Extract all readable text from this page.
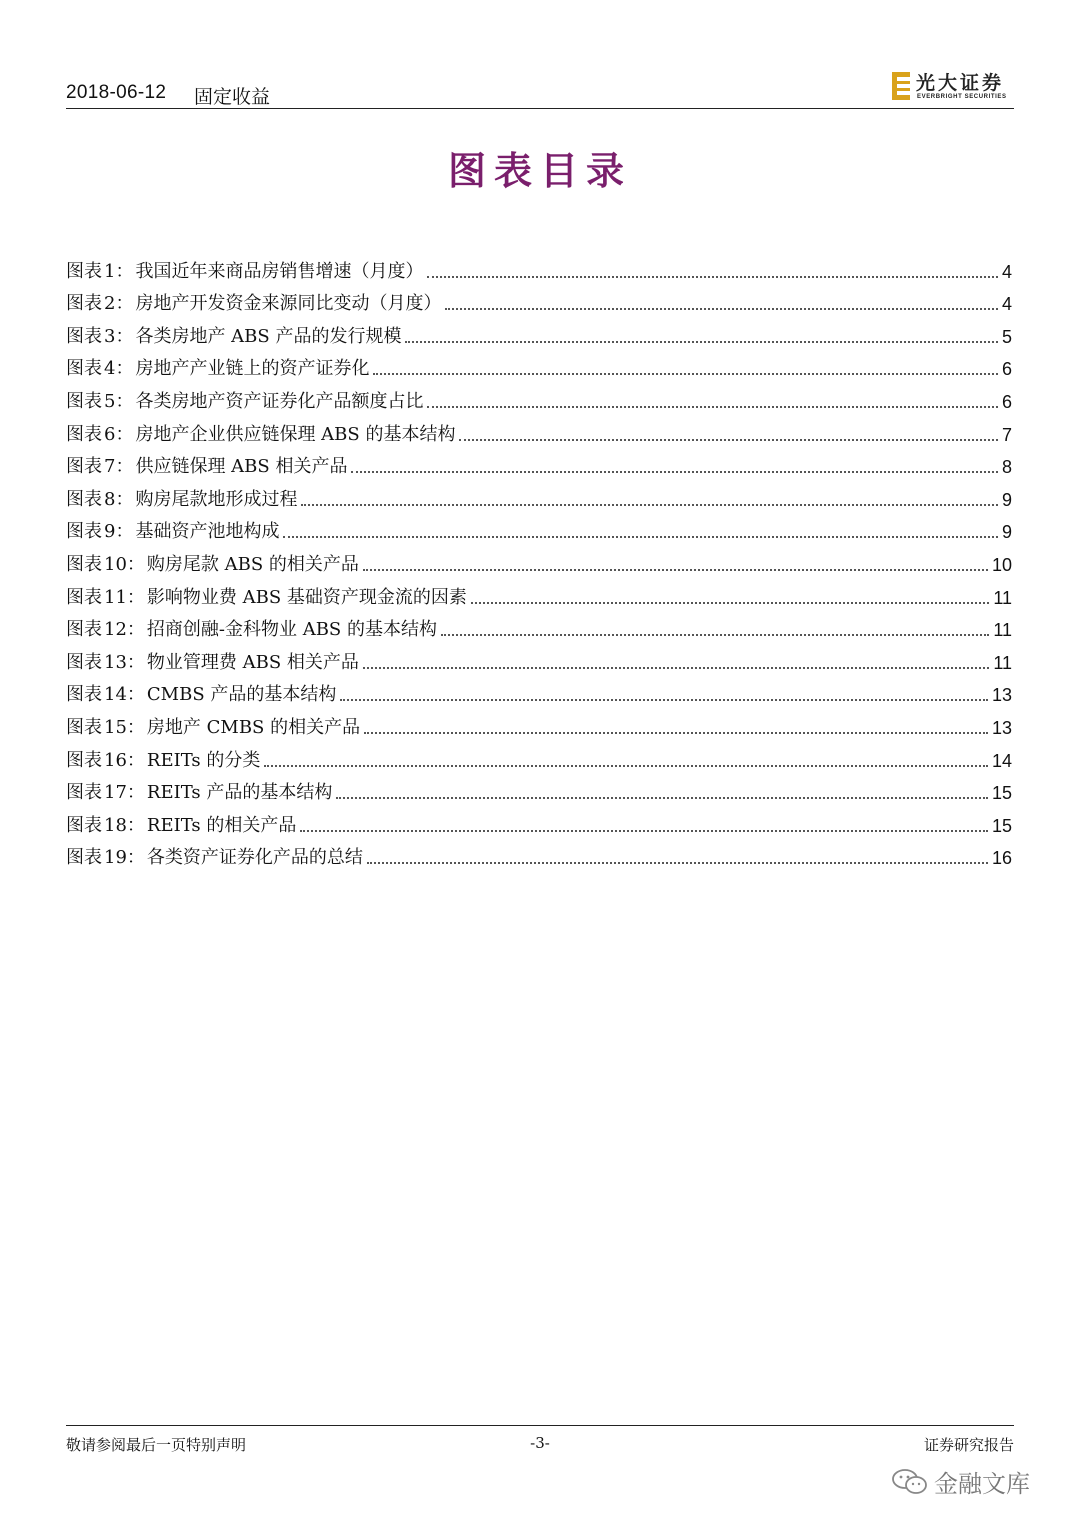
2018-06-12 固定收益
光大证券
EVERBRIGHT SECURITIES
图表目录
图表 1： 我国近年来商品房销售增速（月度）	4
图表 2： 房地产开发资金来源同比变动（月度）	4
图表 3： 各类房地产 ABS 产品的发行规模	5
图表 4： 房地产产业链上的资产证券化	6
图表 5： 各类房地产资产证券化产品额度占比	6
图表 6： 房地产企业供应链保理 ABS 的基本结构	7
图表 7： 供应链保理 ABS 相关产品	8
图表 8： 购房尾款地形成过程	9
图表 9： 基础资产池地构成	9
图表 10： 购房尾款 ABS 的相关产品	10
图表 11： 影响物业费 ABS 基础资产现金流的因素	11
图表 12： 招商创融-金科物业 ABS 的基本结构	11
图表 13： 物业管理费 ABS 相关产品	11
图表 14： CMBS 产品的基本结构	13
图表 15： 房地产 CMBS 的相关产品	13
图表 16： REITs 的分类	14
图表 17： REITs 产品的基本结构	15
图表 18： REITs 的相关产品	15
图表 19： 各类资产证券化产品的总结	16
敬请参阅最后一页特别声明	-3-	证券研究报告
金融文库
